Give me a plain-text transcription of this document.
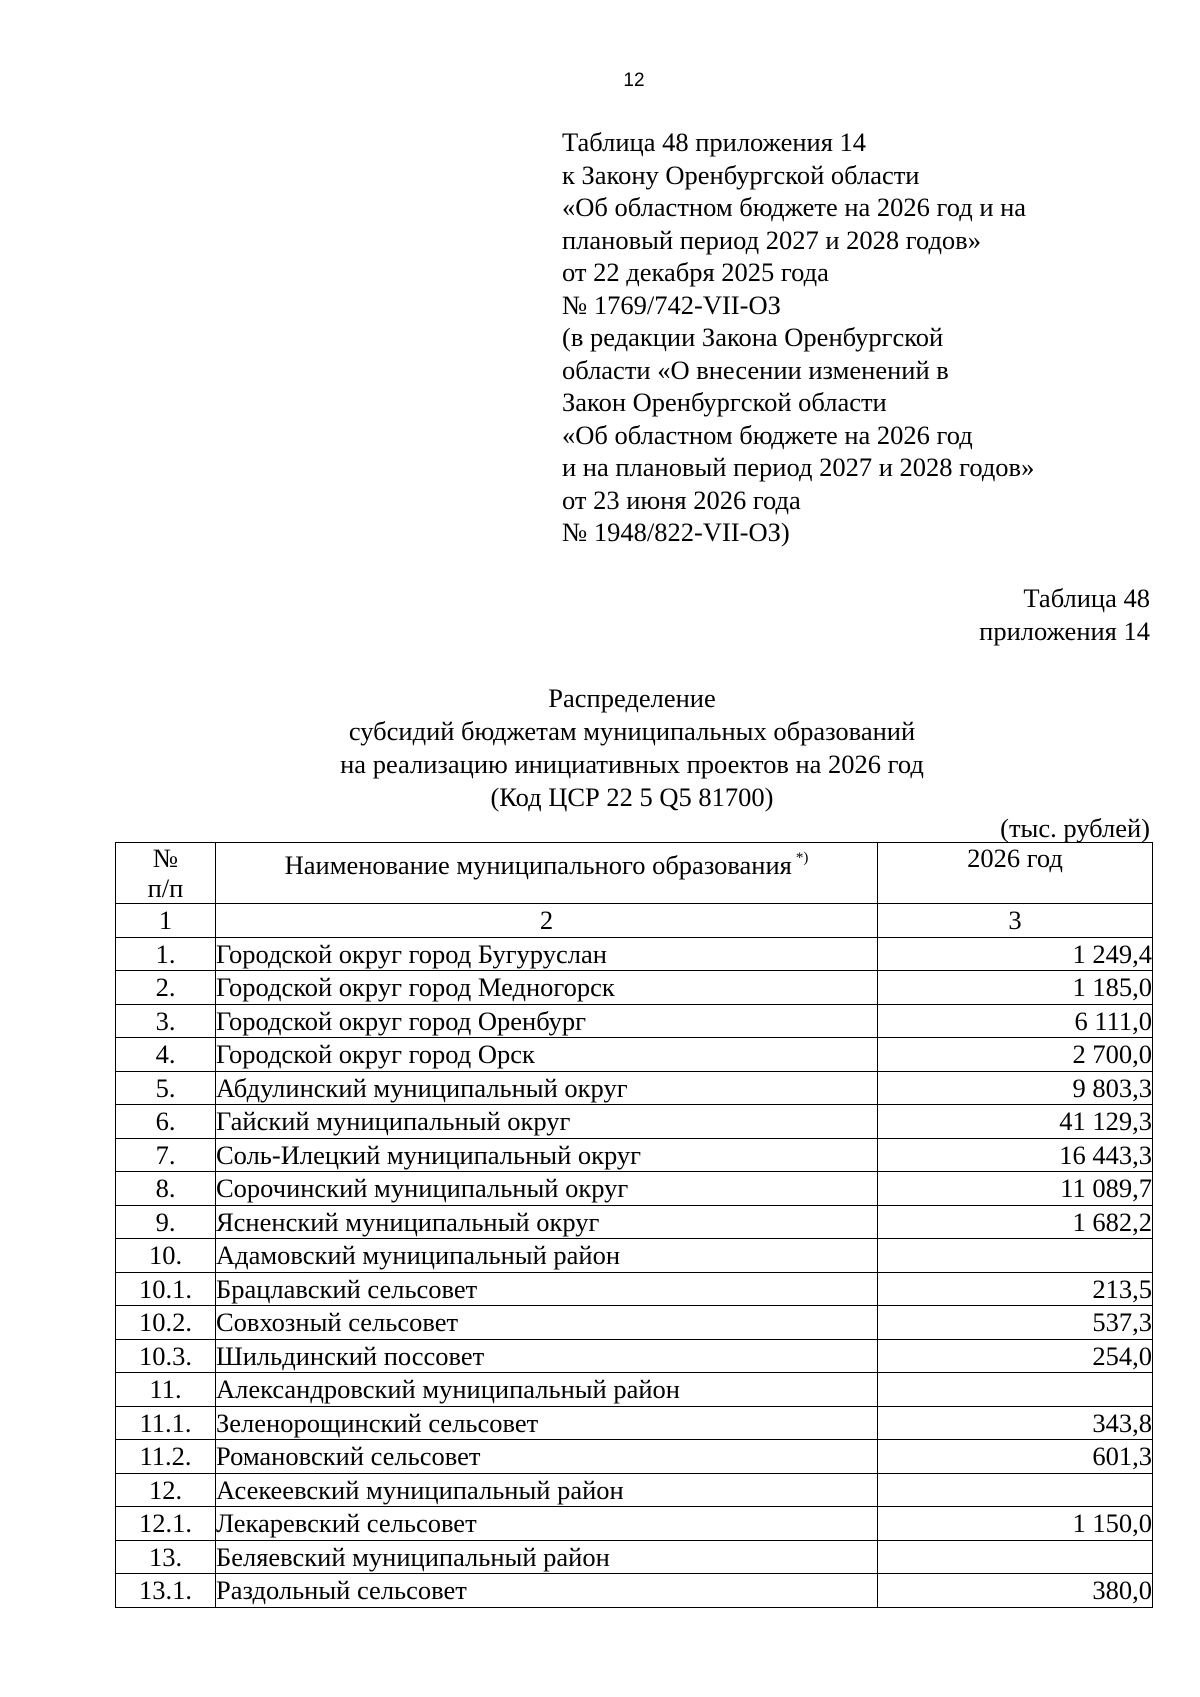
12
Таблица 48 приложения 14
к Закону Оренбургской области
«Об областном бюджете на 2026 год и на
плановый период 2027 и 2028 годов»
от 22 декабря 2025 года
№ 1769/742-VII-ОЗ
(в редакции Закона Оренбургской
области «О внесении изменений в
Закон Оренбургской области
«Об областном бюджете на 2026 год
и на плановый период 2027 и 2028 годов»
от 23 июня 2026 года
№ 1948/822-VII-ОЗ)
Таблица 48
приложения 14
Распределение
субсидий бюджетам муниципальных образований
на реализацию инициативных проектов на 2026 год
(Код ЦСР 22 5 Q5 81700)
(тыс. рублей)
№
п/п	Наименование муниципального образования *)	2026 год
1	2	3
1.	Городской округ город Бугуруслан	1 249,4
2.	Городской округ город Медногорск	1 185,0
3.	Городской округ город Оренбург	6 111,0
4.	Городской округ город Орск	2 700,0
5.	Абдулинский муниципальный округ	9 803,3
6.	Гайский муниципальный округ	41 129,3
7.	Соль-Илецкий муниципальный округ	16 443,3
8.	Сорочинский муниципальный округ	11 089,7
9.	Ясненский муниципальный округ	1 682,2
10.	Адамовский муниципальный район	
10.1.	Брацлавский сельсовет	213,5
10.2.	Совхозный сельсовет	537,3
10.3.	Шильдинский поссовет	254,0
11.	Александровский муниципальный район	
11.1.	Зеленорощинский сельсовет	343,8
11.2.	Романовский сельсовет	601,3
12.	Асекеевский муниципальный район	
12.1.	Лекаревский сельсовет	1 150,0
13.	Беляевский муниципальный район	
13.1.	Раздольный сельсовет	380,0
